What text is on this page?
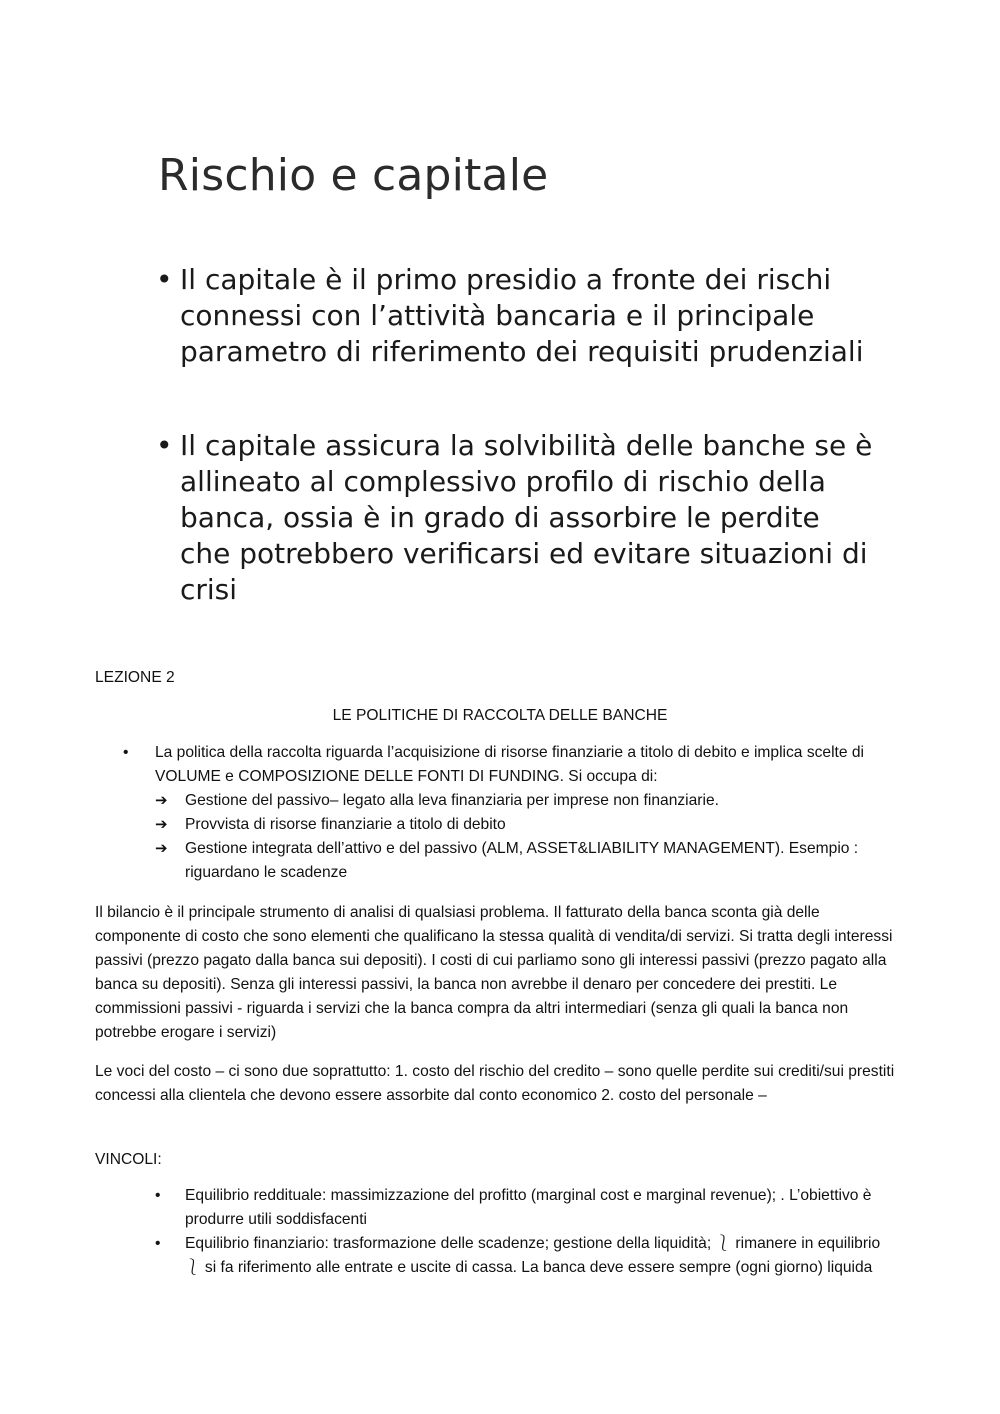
Rischio e capitale
• Il capitale è il primo presidio a fronte dei rischi connessi con l’attività bancaria e il principale parametro di riferimento dei requisiti prudenziali
• Il capitale assicura la solvibilità delle banche se è allineato al complessivo profilo di rischio della banca, ossia è in grado di assorbire le perdite che potrebbero verificarsi ed evitare situazioni di crisi
LEZIONE 2
LE POLITICHE DI RACCOLTA DELLE BANCHE
•	La politica della raccolta riguarda l’acquisizione di risorse finanziarie a titolo di debito e implica scelte di VOLUME e COMPOSIZIONE DELLE FONTI DI FUNDING. Si occupa di:
➔	Gestione del passivo– legato alla leva finanziaria per imprese non finanziarie.
➔	Provvista di risorse finanziarie a titolo di debito
➔	Gestione integrata dell’attivo e del passivo (ALM, ASSET&LIABILITY MANAGEMENT). Esempio : riguardano le scadenze
Il bilancio è il principale strumento di analisi di qualsiasi problema. Il fatturato della banca sconta già delle componente di costo che sono elementi che qualificano la stessa qualità di vendita/di servizi. Si tratta degli interessi passivi (prezzo pagato dalla banca sui depositi). I costi di cui parliamo sono gli interessi passivi (prezzo pagato alla banca su depositi). Senza gli interessi passivi, la banca non avrebbe il denaro per concedere dei prestiti. Le commissioni passivi - riguarda i servizi che la banca compra da altri intermediari (senza gli quali la banca non potrebbe erogare i servizi)
Le voci del costo – ci sono due soprattutto: 1. costo del rischio del credito – sono quelle perdite sui crediti/sui prestiti concessi alla clientela che devono essere assorbite dal conto economico 2. costo del personale –
VINCOLI:
•	Equilibrio reddituale: massimizzazione del profitto (marginal cost e marginal revenue); . L’obiettivo è produrre utili soddisfacenti
•	Equilibrio finanziario: trasformazione delle scadenze; gestione della liquidità; ⎱ rimanere in equilibrio ⎱ si fa riferimento alle entrate e uscite di cassa. La banca deve essere sempre (ogni giorno) liquida
